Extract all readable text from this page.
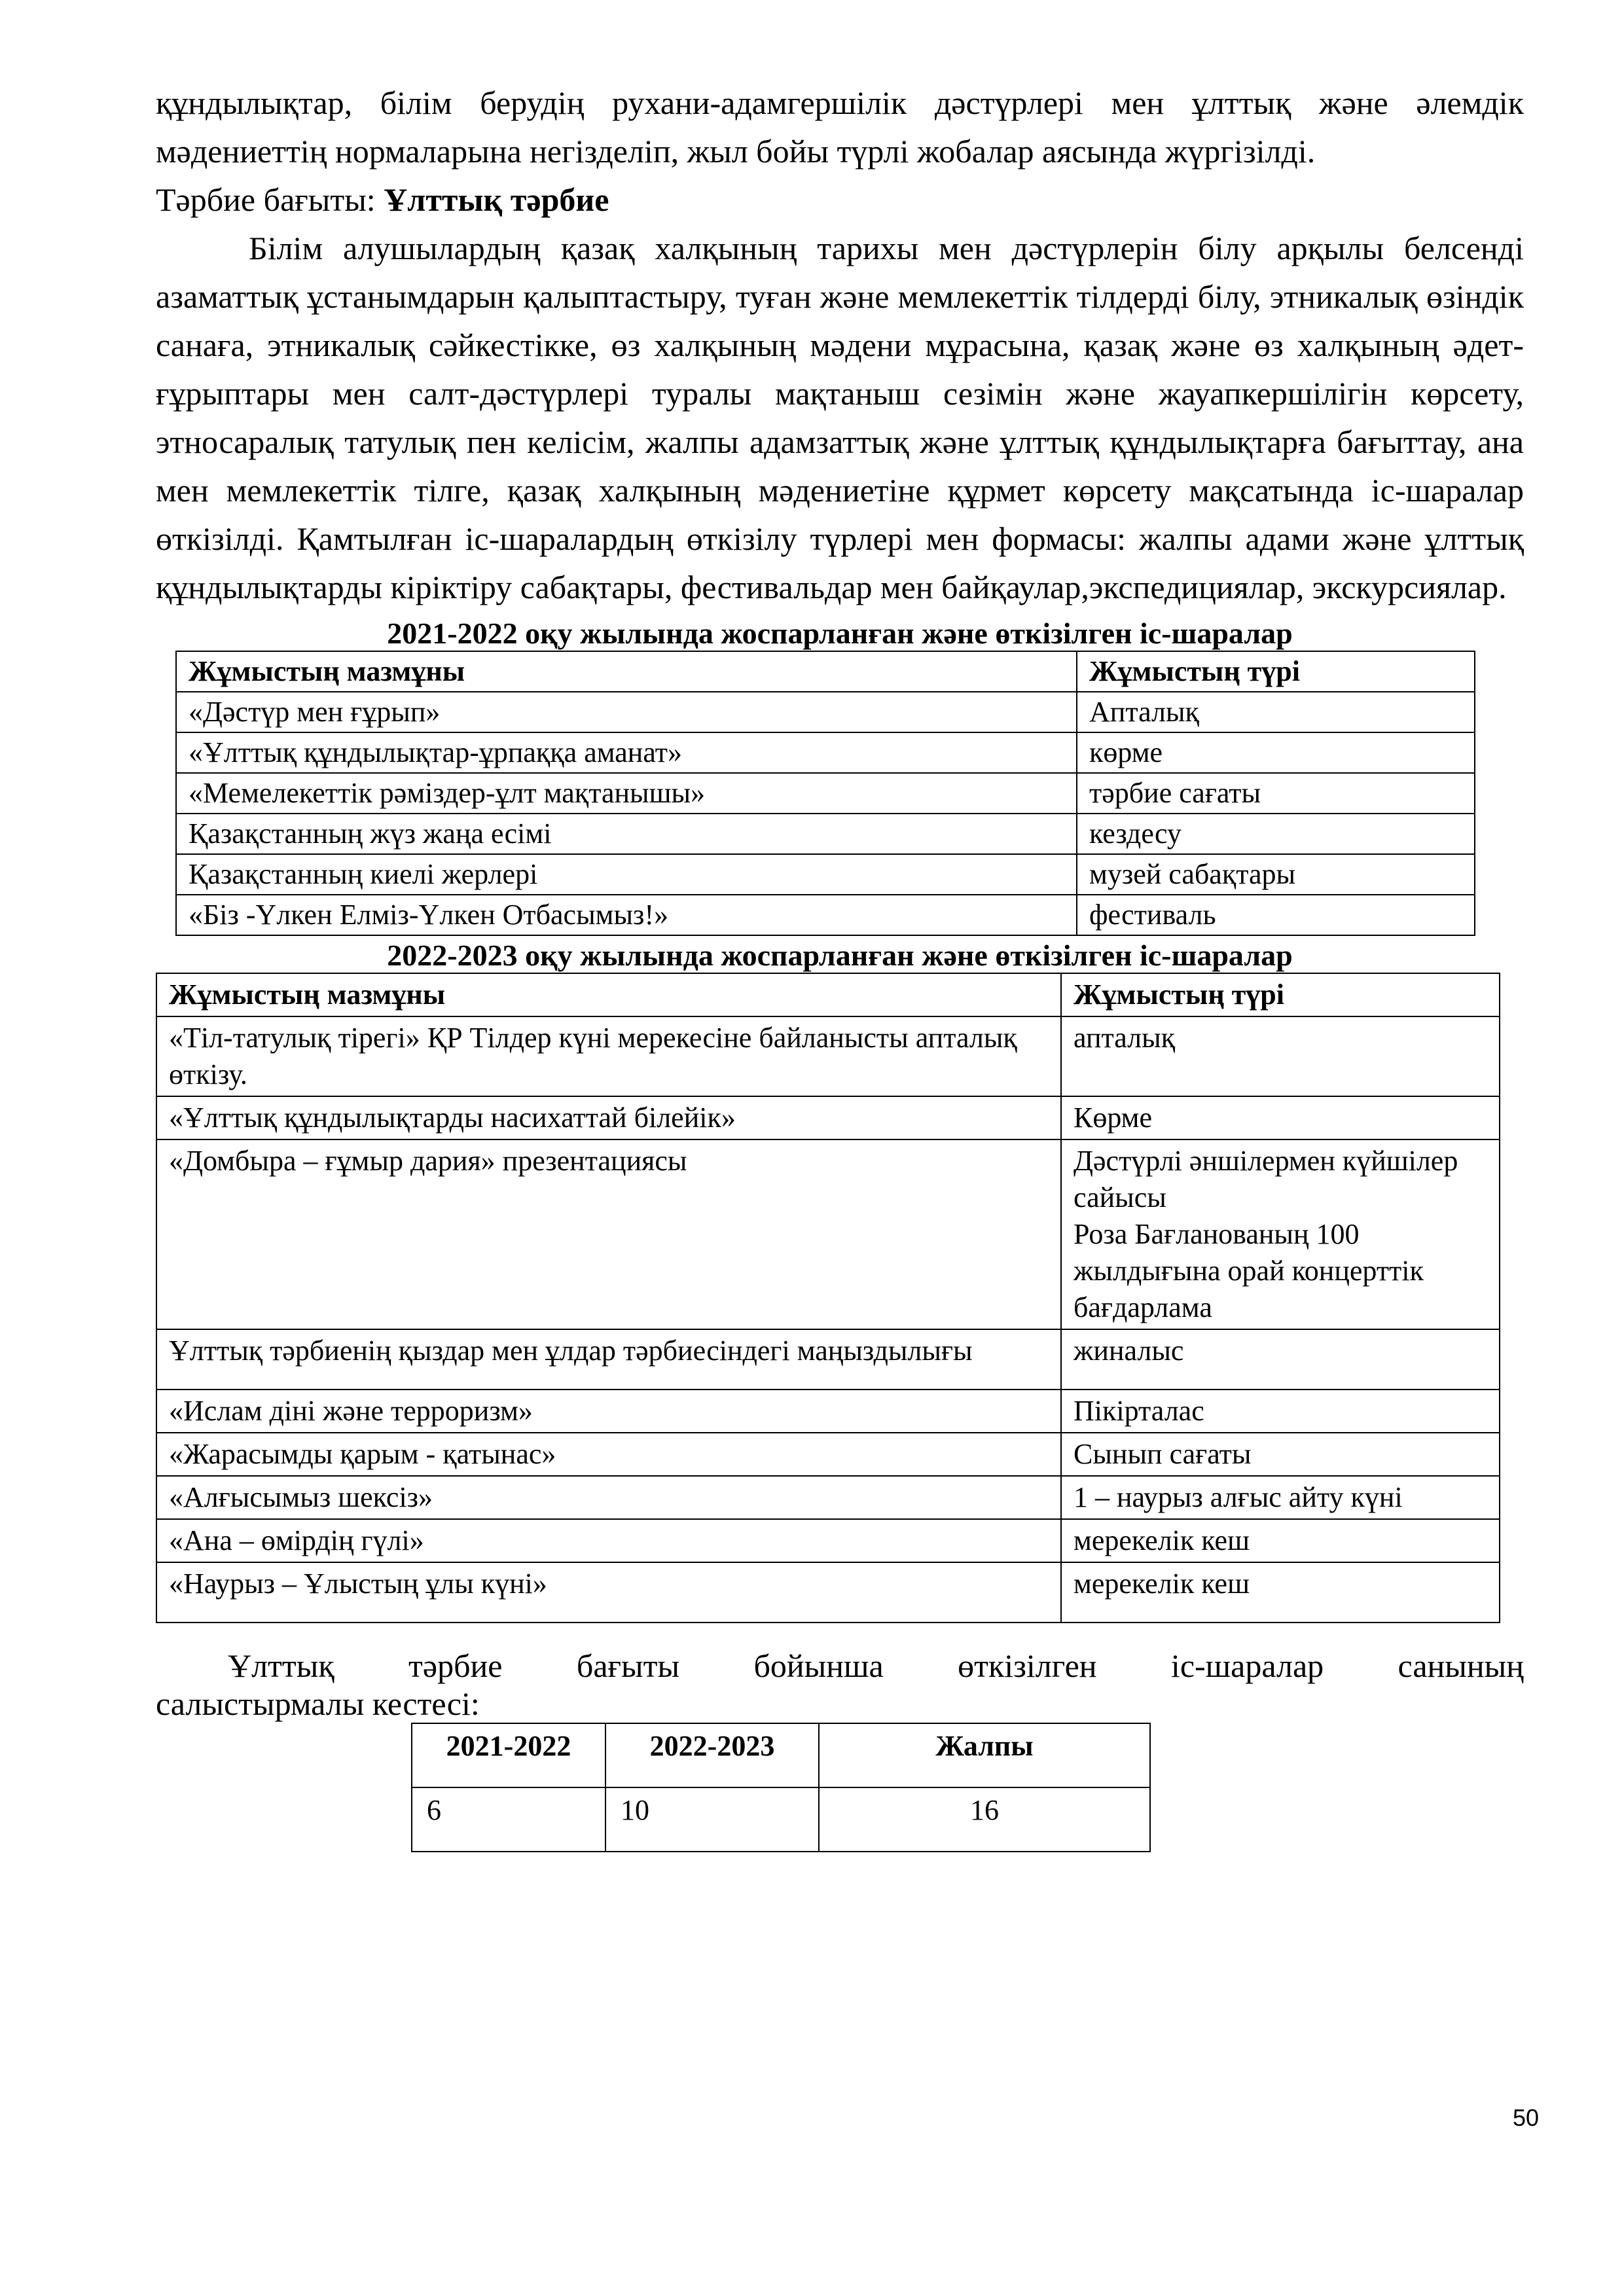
құндылықтар, білім берудің рухани-адамгершілік дәстүрлері мен ұлттық және әлемдік мәдениеттің нормаларына негізделіп, жыл бойы түрлі жобалар аясында жүргізілді.

Тәрбие бағыты: Ұлттық тәрбие

Білім алушылардың қазақ халқының тарихы мен дәстүрлерін білу арқылы белсенді азаматтық ұстанымдарын қалыптастыру, туған және мемлекеттік тілдерді білу, этникалық өзіндік санаға, этникалық сәйкестікке, өз халқының мәдени мұрасына, қазақ және өз халқының әдет-ғұрыптары мен салт-дәстүрлері туралы мақтаныш сезімін және жауапкершілігін көрсету, этносаралық татулық пен келісім, жалпы адамзаттық және ұлттық құндылықтарға бағыттау, ана мен мемлекеттік тілге, қазақ халқының мәдениетіне құрмет көрсету мақсатында іс-шаралар өткізілді. Қамтылған іс-шаралардың өткізілу түрлері мен формасы: жалпы адами және ұлттық құндылықтарды кіріктіру сабақтары, фестивальдар мен байқаулар,экспедициялар, экскурсиялар.

2021-2022 оқу жылында жоспарланған және өткізілген іс-шаралар

Жұмыстың мазмұны	Жұмыстың түрі
«Дәстүр мен ғұрып»	Апталық
«Ұлттық құндылықтар-ұрпаққа аманат»	көрме
«Мемелекеттік рәміздер-ұлт мақтанышы»	тәрбие сағаты
Қазақстанның жүз жаңа есімі	кездесу
Қазақстанның киелі жерлері	музей сабақтары
«Біз -Үлкен Елміз-Үлкен Отбасымыз!»	фестиваль

2022-2023 оқу жылында жоспарланған және өткізілген іс-шаралар

Жұмыстың мазмұны	Жұмыстың түрі
«Тіл-татулық тірегі» ҚР Тілдер күні мерекесіне байланысты апталық өткізу.	апталық
«Ұлттық құндылықтарды насихаттай білейік»	Көрме
«Домбыра – ғұмыр дария» презентациясы	Дәстүрлі әншілермен күйшілер сайысы
Роза Бағланованың 100 жылдығына орай концерттік бағдарлама
Ұлттық тәрбиенің қыздар мен ұлдар тәрбиесіндегі маңыздылығы	жиналыс
«Ислам діні және терроризм»	Пікірталас
«Жарасымды қарым - қатынас»	Сынып сағаты
«Алғысымыз шексіз»	1 – наурыз алғыс айту күні
«Ана – өмірдің гүлі»	мерекелік кеш
«Наурыз – Ұлыстың ұлы күні»	мерекелік кеш

Ұлттық тәрбие бағыты бойынша өткізілген іс-шаралар санының

салыстырмалы кестесі:

2021-2022	2022-2023	Жалпы
6	10	16
50
